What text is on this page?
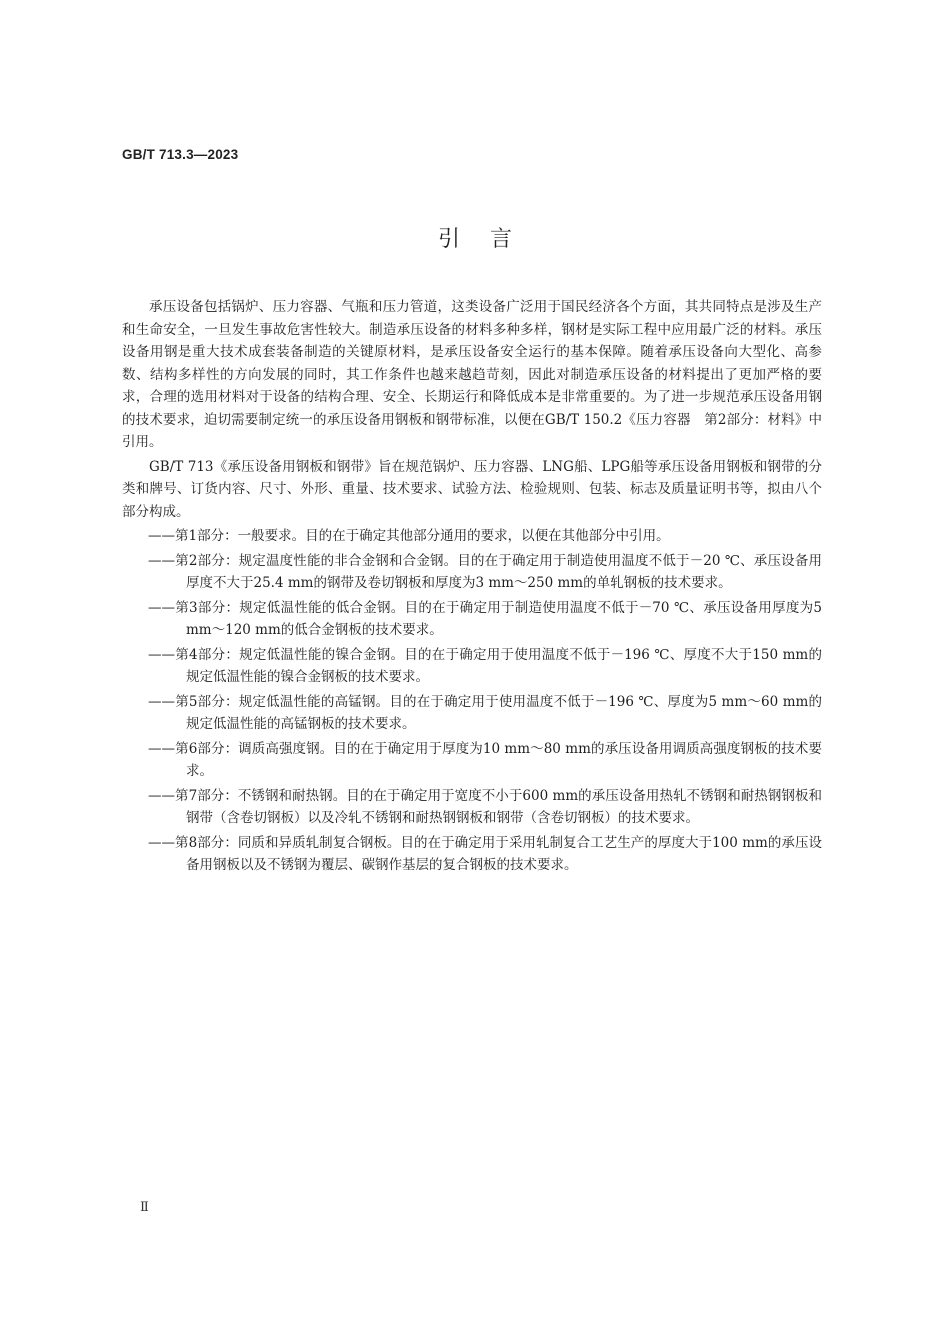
GB/T 713.3—2023
引言

承压设备包括锅炉、压力容器、气瓶和压力管道，这类设备广泛用于国民经济各个方面，其共同特点是涉及生产和生命安全，一旦发生事故危害性较大。制造承压设备的材料多种多样，钢材是实际工程中应用最广泛的材料。承压设备用钢是重大技术成套装备制造的关键原材料，是承压设备安全运行的基本保障。随着承压设备向大型化、高参数、结构多样性的方向发展的同时，其工作条件也越来越趋苛刻，因此对制造承压设备的材料提出了更加严格的要求，合理的选用材料对于设备的结构合理、安全、长期运行和降低成本是非常重要的。为了进一步规范承压设备用钢的技术要求，迫切需要制定统一的承压设备用钢板和钢带标准，以便在GB/T 150.2《压力容器　第2部分：材料》中引用。

GB/T 713《承压设备用钢板和钢带》旨在规范锅炉、压力容器、LNG船、LPG船等承压设备用钢板和钢带的分类和牌号、订货内容、尺寸、外形、重量、技术要求、试验方法、检验规则、包装、标志及质量证明书等，拟由八个部分构成。

——第1部分：一般要求。目的在于确定其他部分通用的要求，以便在其他部分中引用。
——第2部分：规定温度性能的非合金钢和合金钢。目的在于确定用于制造使用温度不低于－20 ℃、承压设备用厚度不大于25.4 mm的钢带及卷切钢板和厚度为3 mm～250 mm的单轧钢板的技术要求。
——第3部分：规定低温性能的低合金钢。目的在于确定用于制造使用温度不低于－70 ℃、承压设备用厚度为5 mm～120 mm的低合金钢板的技术要求。
——第4部分：规定低温性能的镍合金钢。目的在于确定用于使用温度不低于－196 ℃、厚度不大于150 mm的规定低温性能的镍合金钢板的技术要求。
——第5部分：规定低温性能的高锰钢。目的在于确定用于使用温度不低于－196 ℃、厚度为5 mm～60 mm的规定低温性能的高锰钢板的技术要求。
——第6部分：调质高强度钢。目的在于确定用于厚度为10 mm～80 mm的承压设备用调质高强度钢板的技术要求。
——第7部分：不锈钢和耐热钢。目的在于确定用于宽度不小于600 mm的承压设备用热轧不锈钢和耐热钢钢板和钢带（含卷切钢板）以及冷轧不锈钢和耐热钢钢板和钢带（含卷切钢板）的技术要求。
——第8部分：同质和异质轧制复合钢板。目的在于确定用于采用轧制复合工艺生产的厚度大于100 mm的承压设备用钢板以及不锈钢为覆层、碳钢作基层的复合钢板的技术要求。
Ⅱ
